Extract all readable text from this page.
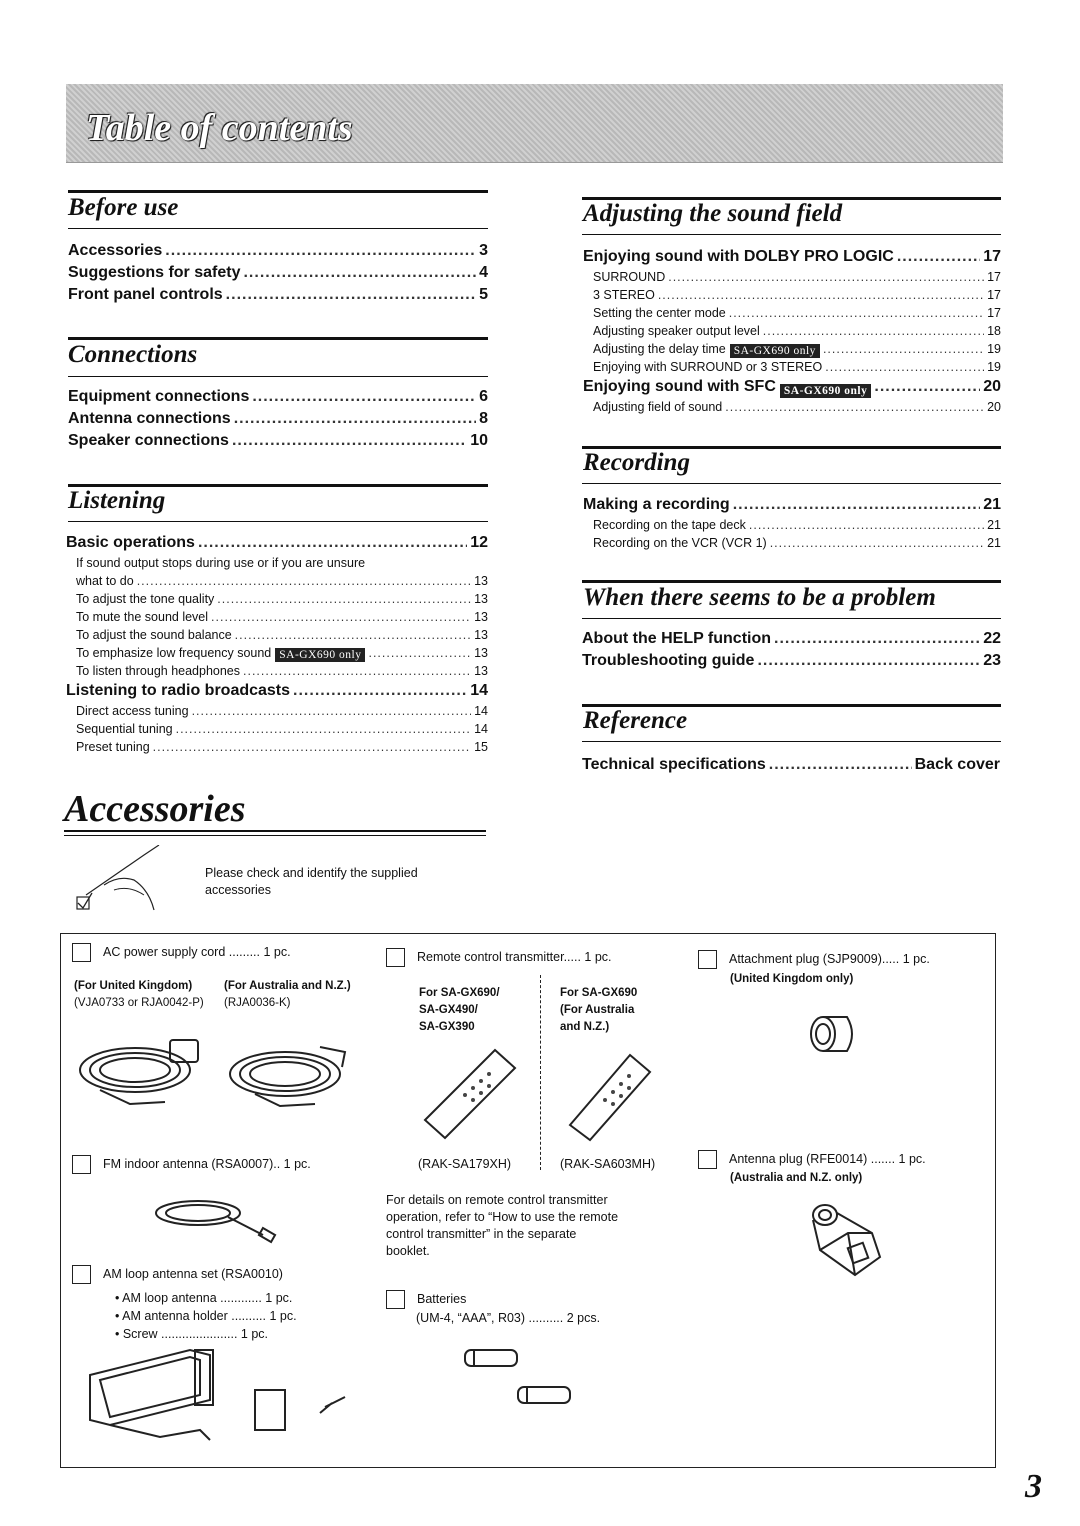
Table of contents
Before use
Accessories .....	3
Suggestions for safety .....	4
Front panel controls .....	5
Connections
Equipment connections .....	6
Antenna connections .....	8
Speaker connections .....	10
Listening
Basic operations .....	12
If sound output stops during use or if you are unsure
what to do .....	13
To adjust the tone quality .....	13
To mute the sound level .....	13
To adjust the sound balance .....	13
To emphasize low frequency sound SA-GX690 only .....	13
To listen through headphones .....	13
Listening to radio broadcasts .....	14
Direct access tuning .....	14
Sequential tuning .....	14
Preset tuning .....	15
Adjusting the sound field
Enjoying sound with DOLBY PRO LOGIC .....	17
SURROUND .....	17
3 STEREO .....	17
Setting the center mode .....	17
Adjusting speaker output level .....	18
Adjusting the delay time SA-GX690 only .....	19
Enjoying with SURROUND or 3 STEREO .....	19
Enjoying sound with SFC SA-GX690 only .....	20
Adjusting field of sound .....	20
Recording
Making a recording .....	21
Recording on the tape deck .....	21
Recording on the VCR (VCR 1) .....	21
When there seems to be a problem
About the HELP function .....	22
Troubleshooting guide .....	23
Reference
Technical specifications .....	Back cover
Accessories
Please check and identify the supplied
accessories
AC power supply cord ......... 1 pc.
(For United Kingdom)	(For Australia and N.Z.)
(VJA0733 or RJA0042-P) (RJA0036-K)
FM indoor antenna (RSA0007).. 1 pc.
AM loop antenna set (RSA0010)
• AM loop antenna ............ 1 pc.
• AM antenna holder .......... 1 pc.
• Screw ...................... 1 pc.
Remote control transmitter..... 1 pc.
For SA-GX690/
SA-GX490/
SA-GX390
For SA-GX690
(For Australia
and N.Z.)
(RAK-SA179XH)	(RAK-SA603MH)
For details on remote control transmitter
operation, refer to “How to use the remote
control transmitter” in the separate
booklet.
Batteries
(UM-4, “AAA”, R03) .......... 2 pcs.
Attachment plug (SJP9009)..... 1 pc.
(United Kingdom only)
Antenna plug (RFE0014) ....... 1 pc.
(Australia and N.Z. only)
3
